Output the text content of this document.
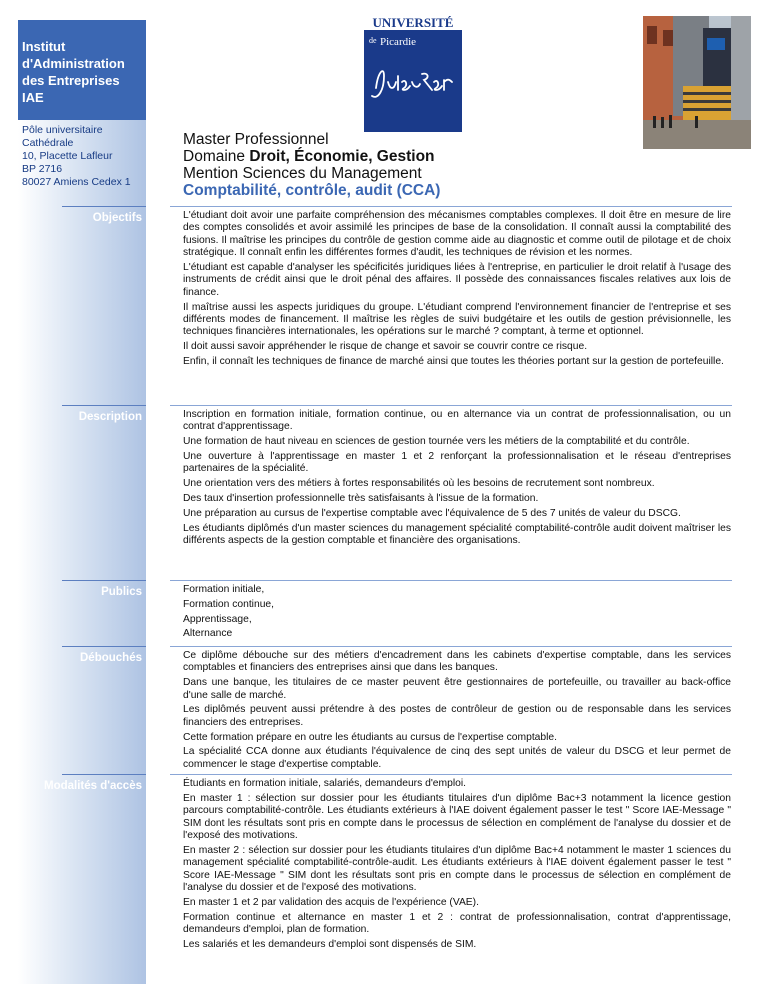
Institut
d'Administration
des Entreprises
IAE
Pôle universitaire
Cathédrale
10, Placette Lafleur
BP 2716
80027 Amiens Cedex 1
UNIVERSITÉ
de Picardie
Master Professionnel
Domaine Droit, Économie, Gestion
Mention Sciences du Management
Comptabilité, contrôle, audit (CCA)
Objectifs	L'étudiant doit avoir une parfaite compréhension des mécanismes comptables complexes. Il doit être en mesure de lire des comptes consolidés et avoir assimilé les principes de base de la consolidation. Il connaît aussi la comptabilité des fusions. Il maîtrise les principes du contrôle de gestion comme aide au diagnostic et comme outil de pilotage et de choix stratégique. Il connaît enfin les différentes formes d'audit, les techniques de révision et les normes.

L'étudiant est capable d'analyser les spécificités juridiques liées à l'entreprise, en particulier le droit relatif à l'usage des instruments de crédit ainsi que le droit pénal des affaires. Il possède des connaissances fiscales relatives aux lois de finance.

Il maîtrise aussi les aspects juridiques du groupe. L'étudiant comprend l'environnement financier de l'entreprise et ses différents modes de financement. Il maîtrise les règles de suivi budgétaire et les outils de gestion prévisionnelle, les techniques financières internationales, les opérations sur le marché ? comptant, à terme et optionnel.

Il doit aussi savoir appréhender le risque de change et savoir se couvrir contre ce risque.

Enfin, il connaît les techniques de finance de marché ainsi que toutes les théories portant sur la gestion de portefeuille.

Description	Inscription en formation initiale, formation continue, ou en alternance via un contrat de professionnalisation, ou un contrat d'apprentissage.

Une formation de haut niveau en sciences de gestion tournée vers les métiers de la comptabilité et du contrôle.

Une ouverture à l'apprentissage en master 1 et 2 renforçant la professionnalisation et le réseau d'entreprises partenaires de la spécialité.

Une orientation vers des métiers à fortes responsabilités où les besoins de recrutement sont nombreux.

Des taux d'insertion professionnelle très satisfaisants à l'issue de la formation.

Une préparation au cursus de l'expertise comptable avec l'équivalence de 5 des 7 unités de valeur du DSCG.

Les étudiants diplômés d'un master sciences du management spécialité comptabilité-contrôle audit doivent maîtriser les différents aspects de la gestion comptable et financière des organisations.

Publics	Formation initiale,

Formation continue,

Apprentissage,

Alternance

Débouchés	Ce diplôme débouche sur des métiers d'encadrement dans les cabinets d'expertise comptable, dans les services comptables et financiers des entreprises ainsi que dans les banques.

Dans une banque, les titulaires de ce master peuvent être gestionnaires de portefeuille, ou travailler au back-office d'une salle de marché.

Les diplômés peuvent aussi prétendre à des postes de contrôleur de gestion ou de responsable dans les services financiers des entreprises.

Cette formation prépare en outre les étudiants au cursus de l'expertise comptable.

La spécialité CCA donne aux étudiants l'équivalence de cinq des sept unités de valeur du DSCG et leur permet de commencer le stage d'expertise comptable.

Modalités d'accès	Étudiants en formation initiale, salariés, demandeurs d'emploi.

En master 1 : sélection sur dossier pour les étudiants titulaires d'un diplôme Bac+3 notamment la licence gestion parcours comptabilité-contrôle. Les étudiants extérieurs à l'IAE doivent également passer le test " Score IAE-Message " SIM dont les résultats sont pris en compte dans le processus de sélection en complément de l'analyse du dossier et de l'exposé des motivations.

En master 2 : sélection sur dossier pour les étudiants titulaires d'un diplôme Bac+4 notamment le master 1 sciences du management spécialité comptabilité-contrôle-audit. Les étudiants extérieurs à l'IAE doivent également passer le test " Score IAE-Message " SIM dont les résultats sont pris en compte dans le processus de sélection en complément de l'analyse du dossier et de l'exposé des motivations.

En master 1 et 2 par validation des acquis de l'expérience (VAE).

Formation continue et alternance en master 1 et 2 : contrat de professionnalisation, contrat d'apprentissage, demandeurs d'emploi, plan de formation.

Les salariés et les demandeurs d'emploi sont dispensés de SIM.
